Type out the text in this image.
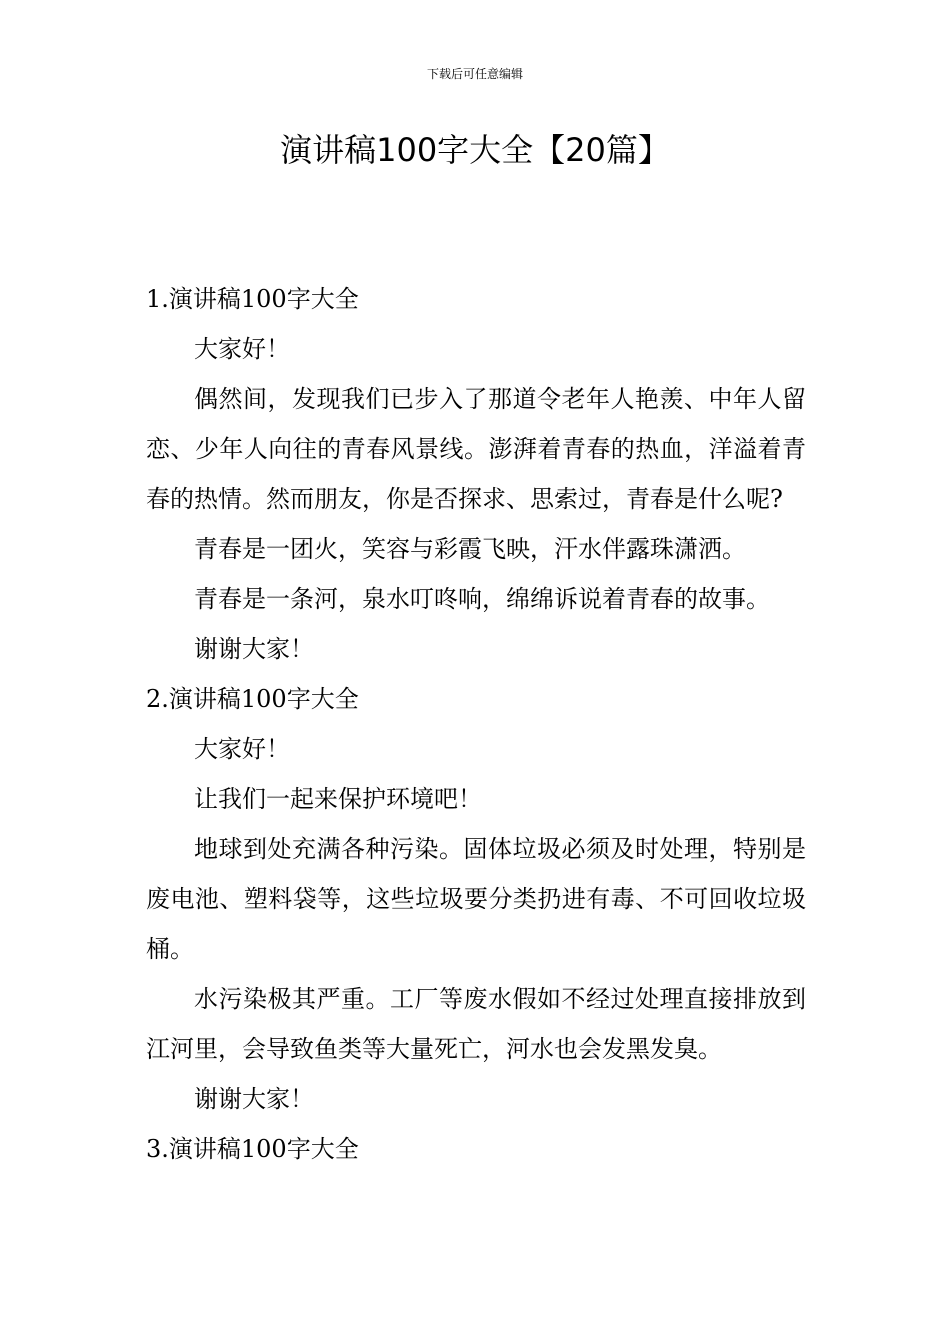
下载后可任意编辑
演讲稿100字大全【20篇】

1.演讲稿100字大全

大家好！

偶然间，发现我们已步入了那道令老年人艳羡、中年人留恋、少年人向往的青春风景线。澎湃着青春的热血，洋溢着青春的热情。然而朋友，你是否探求、思索过，青春是什么呢?

青春是一团火，笑容与彩霞飞映，汗水伴露珠潇洒。

青春是一条河，泉水叮咚响，绵绵诉说着青春的故事。

谢谢大家！

2.演讲稿100字大全

大家好！

让我们一起来保护环境吧！

地球到处充满各种污染。固体垃圾必须及时处理，特别是废电池、塑料袋等，这些垃圾要分类扔进有毒、不可回收垃圾桶。

水污染极其严重。工厂等废水假如不经过处理直接排放到江河里，会导致鱼类等大量死亡，河水也会发黑发臭。

谢谢大家！

3.演讲稿100字大全
